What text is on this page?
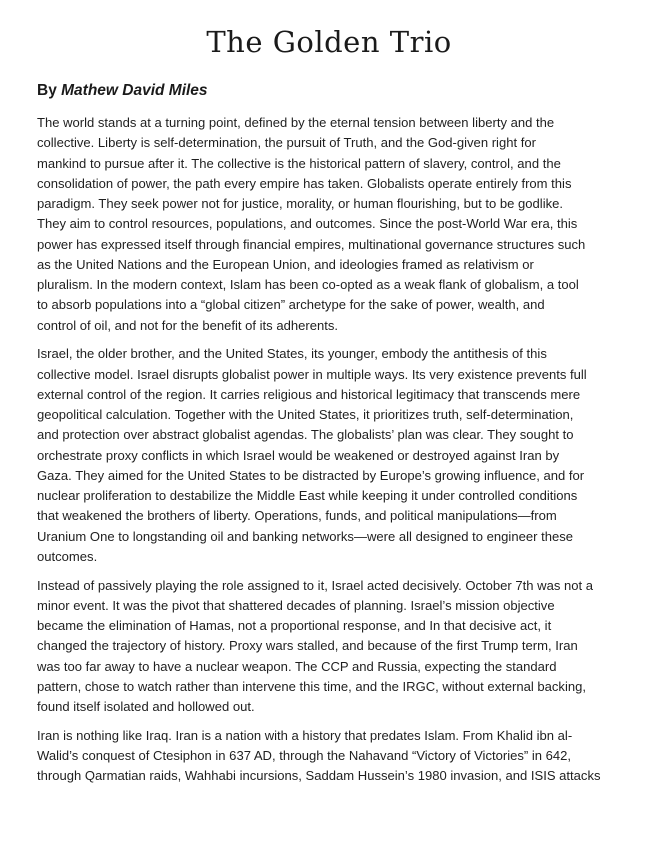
The Golden Trio

By Mathew David Miles

The world stands at a turning point, defined by the eternal tension between liberty and the
collective. Liberty is self-determination, the pursuit of Truth, and the God-given right for
mankind to pursue after it. The collective is the historical pattern of slavery, control, and the
consolidation of power, the path every empire has taken. Globalists operate entirely from this
paradigm. They seek power not for justice, morality, or human flourishing, but to be godlike.
They aim to control resources, populations, and outcomes. Since the post-World War era, this
power has expressed itself through financial empires, multinational governance structures such
as the United Nations and the European Union, and ideologies framed as relativism or
pluralism. In the modern context, Islam has been co-opted as a weak flank of globalism, a tool
to absorb populations into a “global citizen” archetype for the sake of power, wealth, and
control of oil, and not for the benefit of its adherents.

Israel, the older brother, and the United States, its younger, embody the antithesis of this
collective model. Israel disrupts globalist power in multiple ways. Its very existence prevents full
external control of the region. It carries religious and historical legitimacy that transcends mere
geopolitical calculation. Together with the United States, it prioritizes truth, self-determination,
and protection over abstract globalist agendas. The globalists’ plan was clear. They sought to
orchestrate proxy conflicts in which Israel would be weakened or destroyed against Iran by
Gaza. They aimed for the United States to be distracted by Europe’s growing influence, and for
nuclear proliferation to destabilize the Middle East while keeping it under controlled conditions
that weakened the brothers of liberty. Operations, funds, and political manipulations—from
Uranium One to longstanding oil and banking networks—were all designed to engineer these
outcomes.

Instead of passively playing the role assigned to it, Israel acted decisively. October 7th was not a
minor event. It was the pivot that shattered decades of planning. Israel’s mission objective
became the elimination of Hamas, not a proportional response, and In that decisive act, it
changed the trajectory of history. Proxy wars stalled, and because of the first Trump term, Iran
was too far away to have a nuclear weapon. The CCP and Russia, expecting the standard
pattern, chose to watch rather than intervene this time, and the IRGC, without external backing,
found itself isolated and hollowed out.

Iran is nothing like Iraq. Iran is a nation with a history that predates Islam. From Khalid ibn al-
Walid’s conquest of Ctesiphon in 637 AD, through the Nahavand “Victory of Victories” in 642,
through Qarmatian raids, Wahhabi incursions, Saddam Hussein’s 1980 invasion, and ISIS attacks
